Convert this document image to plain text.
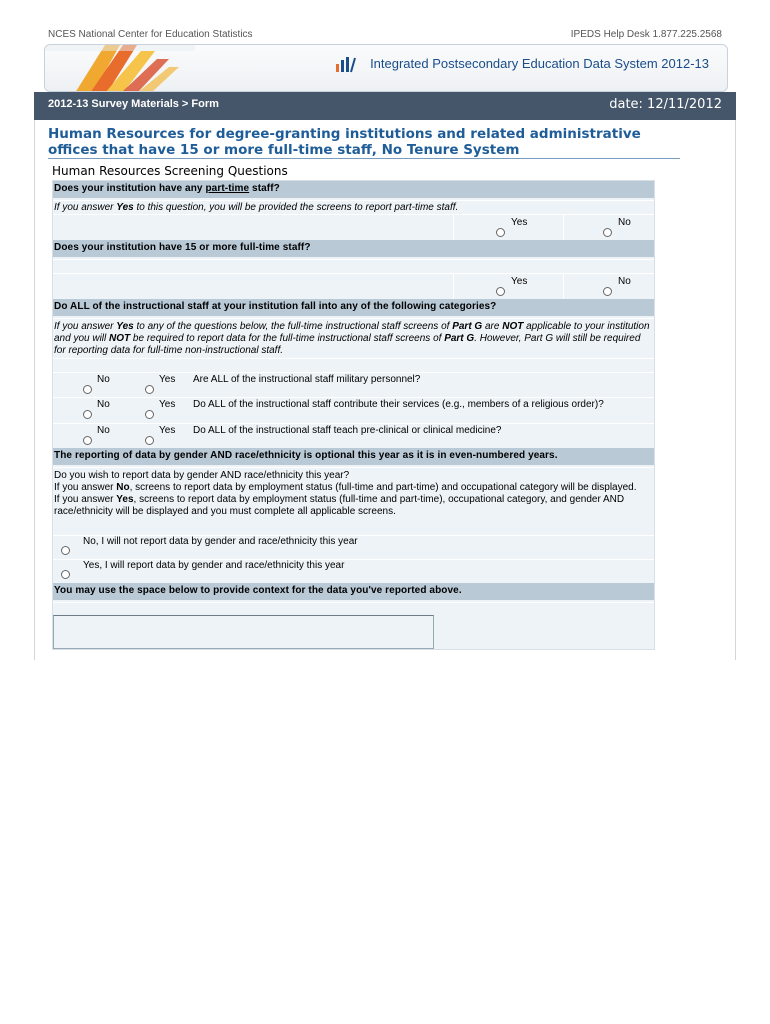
NCES National Center for Education Statistics	IPEDS Help Desk 1.877.225.2568
Integrated Postsecondary Education Data System 2012-13
2012-13 Survey Materials > Form	date: 12/11/2012
Human Resources for degree-granting institutions and related administrative offices that have 15 or more full-time staff, No Tenure System
Human Resources Screening Questions
Does your institution have any part-time staff?
If you answer Yes to this question, you will be provided the screens to report part-time staff.
Yes	No
Does your institution have 15 or more full-time staff?
Yes	No
Do ALL of the instructional staff at your institution fall into any of the following categories?
If you answer Yes to any of the questions below, the full-time instructional staff screens of Part G are NOT applicable to your institution and you will NOT be required to report data for the full-time instructional staff screens of Part G. However, Part G will still be required for reporting data for full-time non-instructional staff.
No	Yes Are ALL of the instructional staff military personnel?
No	Yes Do ALL of the instructional staff contribute their services (e.g., members of a religious order)?
No	Yes Do ALL of the instructional staff teach pre-clinical or clinical medicine?
The reporting of data by gender AND race/ethnicity is optional this year as it is in even-numbered years.
Do you wish to report data by gender AND race/ethnicity this year?
If you answer No, screens to report data by employment status (full-time and part-time) and occupational category will be displayed.
If you answer Yes, screens to report data by employment status (full-time and part-time), occupational category, and gender AND race/ethnicity will be displayed and you must complete all applicable screens.
No, I will not report data by gender and race/ethnicity this year
Yes, I will report data by gender and race/ethnicity this year
You may use the space below to provide context for the data you've reported above.
